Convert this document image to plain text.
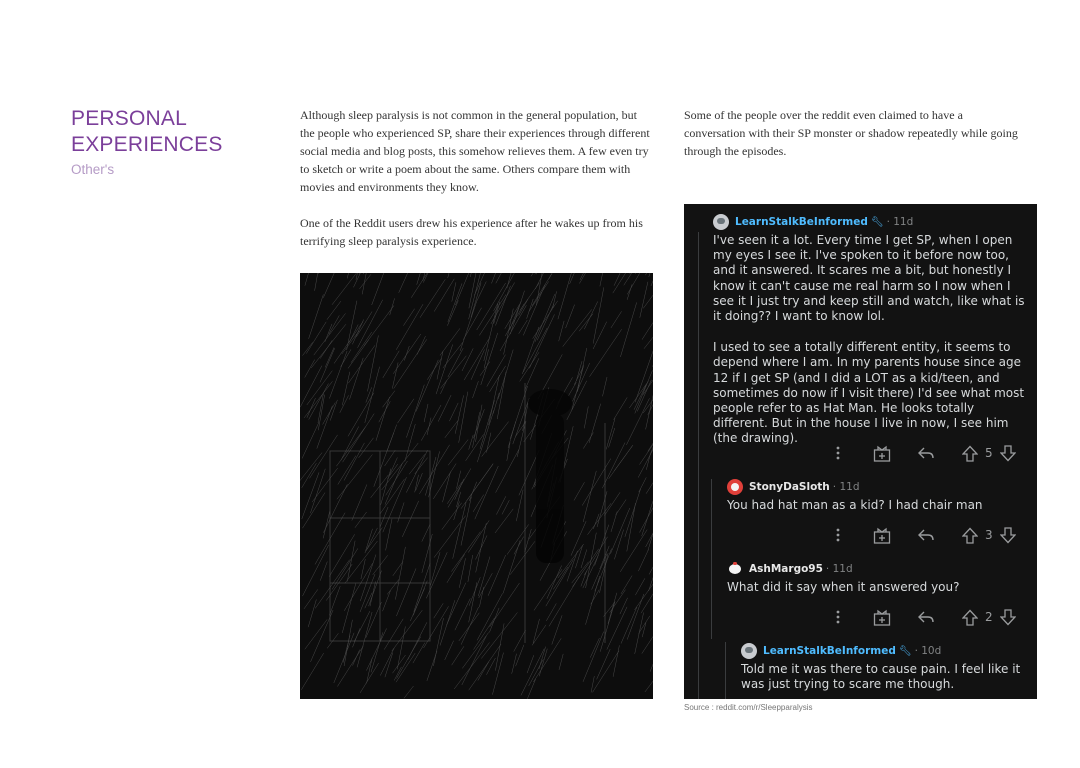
PERSONAL
EXPERIENCES
Other's

Although sleep paralysis is not common in the general population, but the people who experienced SP, share their experiences through different social media and blog posts, this somehow relieves them. A few even try to sketch or write a poem about the same. Others compare them with movies and environments they know.

One of the Reddit users drew his experience after he wakes up from his terrifying sleep paralysis experience.

Some of the people over the reddit even claimed to have a conversation with their SP monster or shadow repeatedly while going through the episodes.

LearnStalkBeInformed 🔧︎ · 11d

I've seen it a lot. Every time I get SP, when I open my eyes I see it. I've spoken to it before now too, and it answered. It scares me a bit, but honestly I know it can't cause me real harm so I now when I see it I just try and keep still and watch, like what is it doing?? I want to know lol.

I used to see a totally different entity, it seems to depend where I am. In my parents house since age 12 if I get SP (and I did a LOT as a kid/teen, and sometimes do now if I visit there) I'd see what most people refer to as Hat Man. He looks totally different. But in the house I live in now, I see him (the drawing).

5
StonyDaSloth · 11d

You had hat man as a kid? I had chair man

3
AshMargo95 · 11d

What did it say when it answered you?

2
LearnStalkBeInformed 🔧︎ · 10d

Told me it was there to cause pain. I feel like it was just trying to scare me though.

Source : reddit.com/r/Sleepparalysis
